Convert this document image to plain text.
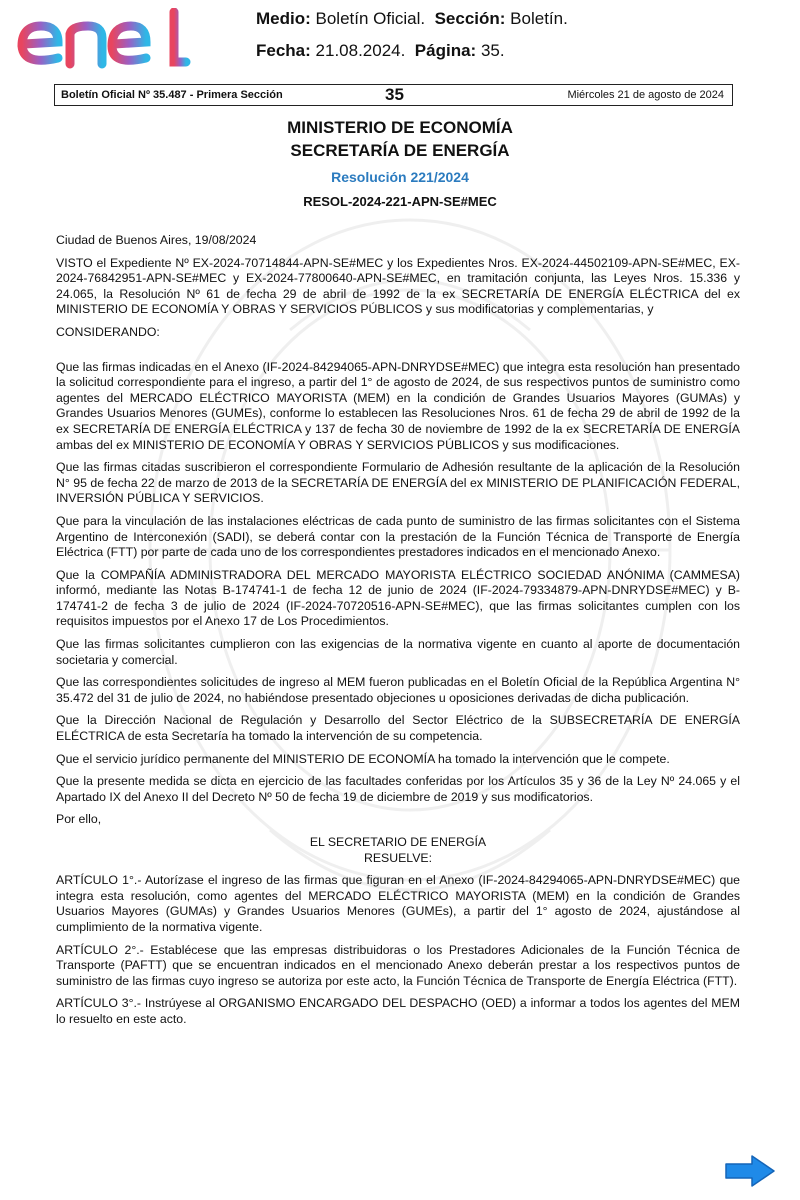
Medio: Boletín Oficial. Sección: Boletín.
Fecha: 21.08.2024. Página: 35.
Boletín Oficial Nº 35.487 - Primera Sección	35	Miércoles 21 de agosto de 2024
MINISTERIO DE ECONOMÍA
SECRETARÍA DE ENERGÍA
Resolución 221/2024
RESOL-2024-221-APN-SE#MEC

Ciudad de Buenos Aires, 19/08/2024

VISTO el Expediente Nº EX-2024-70714844-APN-SE#MEC y los Expedientes Nros. EX-2024-44502109-APN-SE#MEC, EX-2024-76842951-APN-SE#MEC y EX-2024-77800640-APN-SE#MEC, en tramitación conjunta, las Leyes Nros. 15.336 y 24.065, la Resolución Nº 61 de fecha 29 de abril de 1992 de la ex SECRETARÍA DE ENERGÍA ELÉCTRICA del ex MINISTERIO DE ECONOMÍA Y OBRAS Y SERVICIOS PÚBLICOS y sus modificatorias y complementarias, y

CONSIDERANDO:

Que las firmas indicadas en el Anexo (IF-2024-84294065-APN-DNRYDSE#MEC) que integra esta resolución han presentado la solicitud correspondiente para el ingreso, a partir del 1° de agosto de 2024, de sus respectivos puntos de suministro como agentes del MERCADO ELÉCTRICO MAYORISTA (MEM) en la condición de Grandes Usuarios Mayores (GUMAs) y Grandes Usuarios Menores (GUMEs), conforme lo establecen las Resoluciones Nros. 61 de fecha 29 de abril de 1992 de la ex SECRETARÍA DE ENERGÍA ELÉCTRICA y 137 de fecha 30 de noviembre de 1992 de la ex SECRETARÍA DE ENERGÍA ambas del ex MINISTERIO DE ECONOMÍA Y OBRAS Y SERVICIOS PÚBLICOS y sus modificaciones.

Que las firmas citadas suscribieron el correspondiente Formulario de Adhesión resultante de la aplicación de la Resolución N° 95 de fecha 22 de marzo de 2013 de la SECRETARÍA DE ENERGÍA del ex MINISTERIO DE PLANIFICACIÓN FEDERAL, INVERSIÓN PÚBLICA Y SERVICIOS.

Que para la vinculación de las instalaciones eléctricas de cada punto de suministro de las firmas solicitantes con el Sistema Argentino de Interconexión (SADI), se deberá contar con la prestación de la Función Técnica de Transporte de Energía Eléctrica (FTT) por parte de cada uno de los correspondientes prestadores indicados en el mencionado Anexo.

Que la COMPAÑÍA ADMINISTRADORA DEL MERCADO MAYORISTA ELÉCTRICO SOCIEDAD ANÓNIMA (CAMMESA) informó, mediante las Notas B-174741-1 de fecha 12 de junio de 2024 (IF-2024-79334879-APN-DNRYDSE#MEC) y B-174741-2 de fecha 3 de julio de 2024 (IF-2024-70720516-APN-SE#MEC), que las firmas solicitantes cumplen con los requisitos impuestos por el Anexo 17 de Los Procedimientos.

Que las firmas solicitantes cumplieron con las exigencias de la normativa vigente en cuanto al aporte de documentación societaria y comercial.

Que las correspondientes solicitudes de ingreso al MEM fueron publicadas en el Boletín Oficial de la República Argentina N° 35.472 del 31 de julio de 2024, no habiéndose presentado objeciones u oposiciones derivadas de dicha publicación.

Que la Dirección Nacional de Regulación y Desarrollo del Sector Eléctrico de la SUBSECRETARÍA DE ENERGÍA ELÉCTRICA de esta Secretaría ha tomado la intervención de su competencia.

Que el servicio jurídico permanente del MINISTERIO DE ECONOMÍA ha tomado la intervención que le compete.

Que la presente medida se dicta en ejercicio de las facultades conferidas por los Artículos 35 y 36 de la Ley Nº 24.065 y el Apartado IX del Anexo II del Decreto Nº 50 de fecha 19 de diciembre de 2019 y sus modificatorios.

Por ello,

EL SECRETARIO DE ENERGÍA

RESUELVE:

ARTÍCULO 1°.- Autorízase el ingreso de las firmas que figuran en el Anexo (IF-2024-84294065-APN-DNRYDSE#MEC) que integra esta resolución, como agentes del MERCADO ELÉCTRICO MAYORISTA (MEM) en la condición de Grandes Usuarios Mayores (GUMAs) y Grandes Usuarios Menores (GUMEs), a partir del 1° agosto de 2024, ajustándose al cumplimiento de la normativa vigente.

ARTÍCULO 2°.- Establécese que las empresas distribuidoras o los Prestadores Adicionales de la Función Técnica de Transporte (PAFTT) que se encuentran indicados en el mencionado Anexo deberán prestar a los respectivos puntos de suministro de las firmas cuyo ingreso se autoriza por este acto, la Función Técnica de Transporte de Energía Eléctrica (FTT).

ARTÍCULO 3°.- Instrúyese al ORGANISMO ENCARGADO DEL DESPACHO (OED) a informar a todos los agentes del MEM lo resuelto en este acto.
